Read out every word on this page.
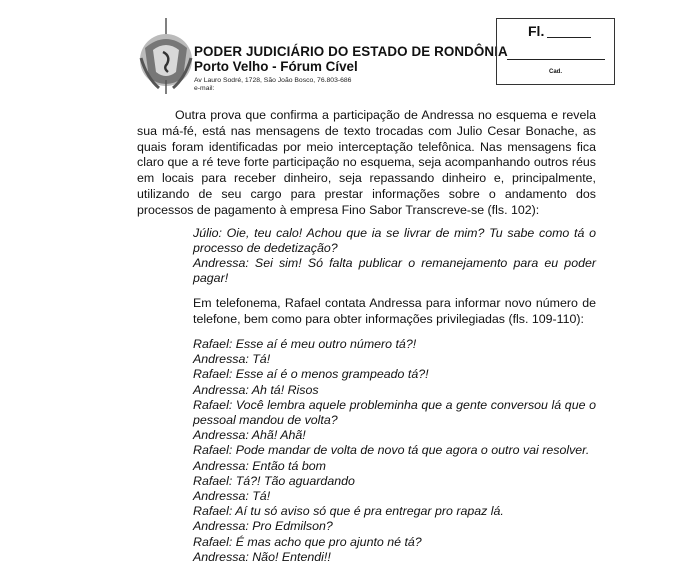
PODER JUDICIÁRIO DO ESTADO DE RONDÔNIA
Porto Velho - Fórum Cível
Av Lauro Sodré, 1728, São João Bosco, 76.803-686
e-mail:
Fl.
Cad.

Outra prova que confirma a participação de Andressa no esquema e revela sua má-fé, está nas mensagens de texto trocadas com Julio Cesar Bonache, as quais foram identificadas por meio interceptação telefônica. Nas mensagens fica claro que a ré teve forte participação no esquema, seja acompanhando outros réus em locais para receber dinheiro, seja repassando dinheiro e, principalmente, utilizando de seu cargo para prestar informações sobre o andamento dos processos de pagamento à empresa Fino Sabor Transcreve-se (fls. 102):

Júlio: Oie, teu calo! Achou que ia se livrar de mim? Tu sabe como tá o processo de dedetização?
Andressa: Sei sim! Só falta publicar o remanejamento para eu poder pagar!

Em telefonema, Rafael contata Andressa para informar novo número de telefone, bem como para obter informações privilegiadas (fls. 109-110):

Rafael: Esse aí é meu outro número tá?!
Andressa: Tá!
Rafael: Esse aí é o menos grampeado tá?!
Andressa: Ah tá! Risos
Rafael: Você lembra aquele probleminha que a gente conversou lá que o pessoal mandou de volta?
Andressa: Ahã! Ahã!
Rafael: Pode mandar de volta de novo tá que agora o outro vai resolver.
Andressa: Então tá bom
Rafael: Tá?! Tão aguardando
Andressa: Tá!
Rafael: Aí tu só aviso só que é pra entregar pro rapaz lá.
Andressa: Pro Edmilson?
Rafael: É mas acho que pro ajunto né tá?
Andressa: Não! Entendi!!
